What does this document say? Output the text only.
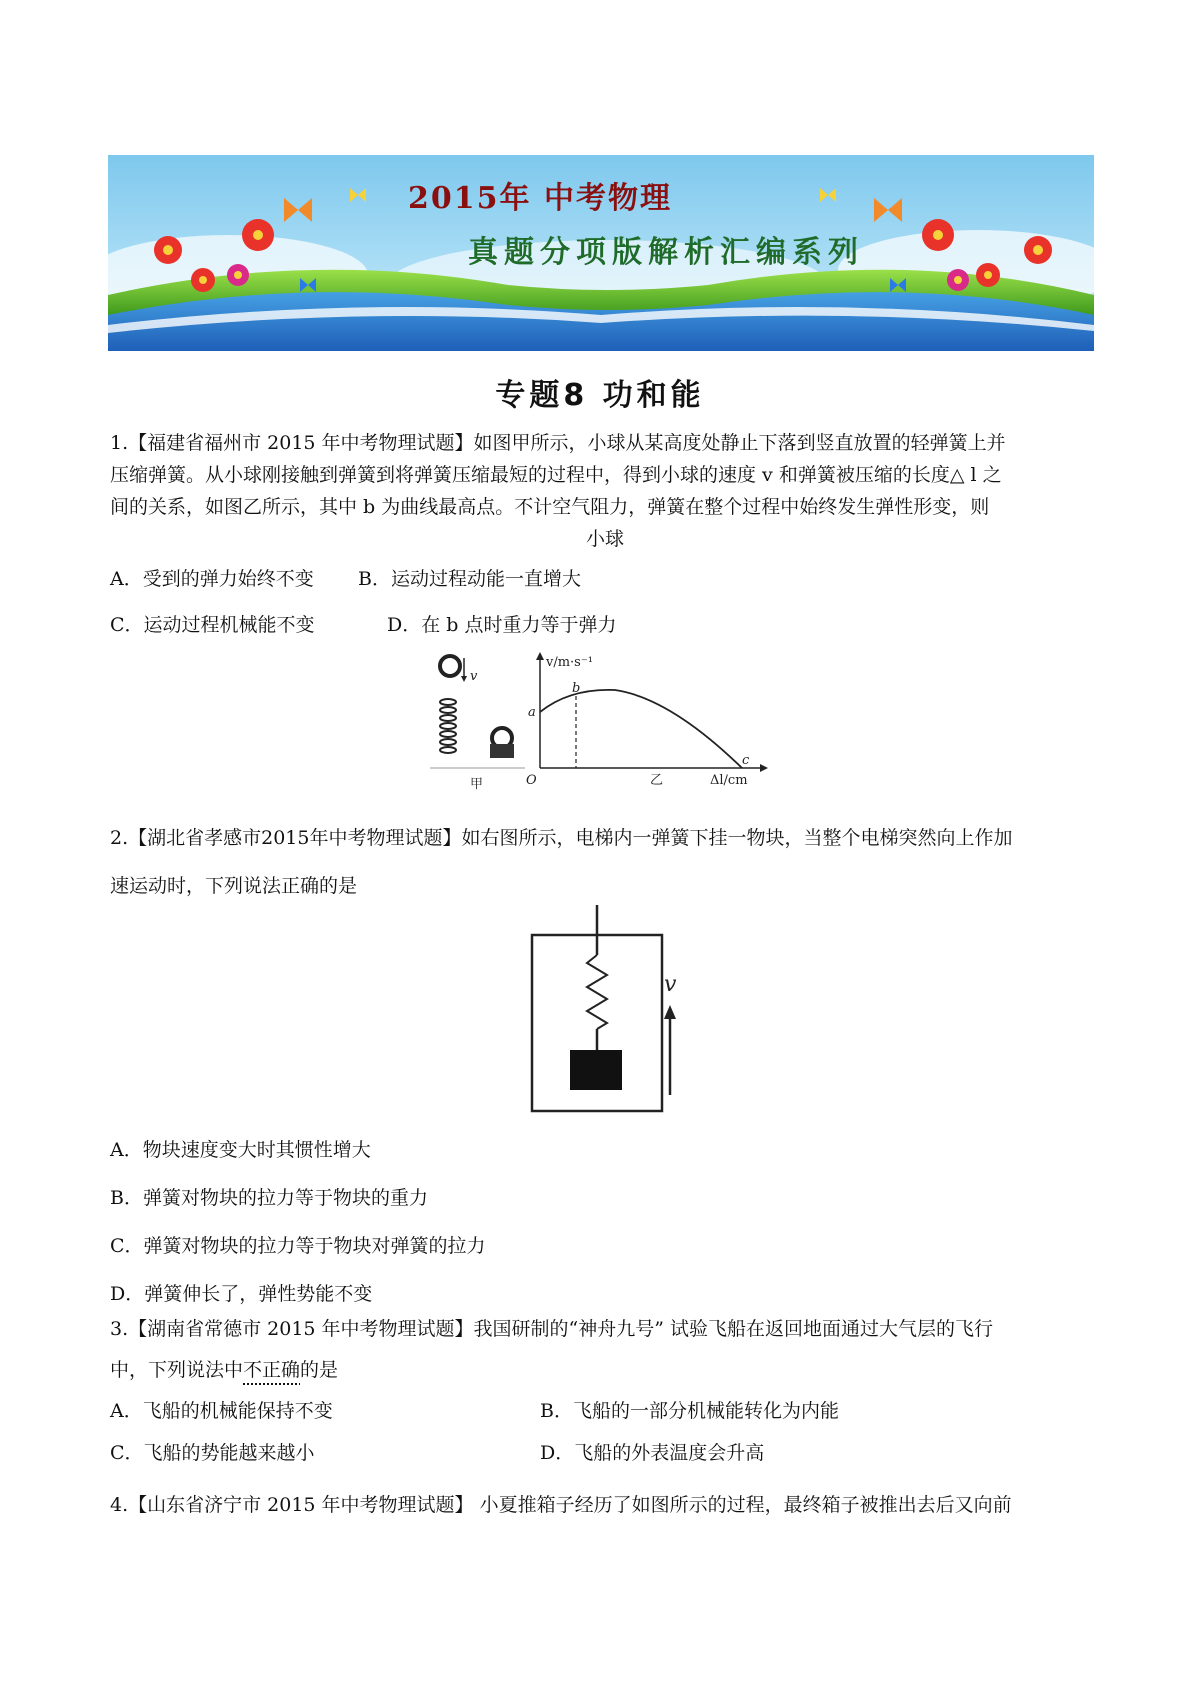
2015年 中考物理
真题分项版解析汇编系列
专题8 功和能
1.【福建省福州市 2015 年中考物理试题】如图甲所示，小球从某高度处静止下落到竖直放置的轻弹簧上并
压缩弹簧。从小球刚接触到弹簧到将弹簧压缩最短的过程中，得到小球的速度 v 和弹簧被压缩的长度△ l 之
间的关系，如图乙所示，其中 b 为曲线最高点。不计空气阻力，弹簧在整个过程中始终发生弹性形变，则
小球
A．受到的弹力始终不变 B．运动过程动能一直增大
C．运动过程机械能不变	D．在 b 点时重力等于弹力
v
甲
v/m·s⁻¹
Δl/cm
O
a
b
c
乙
2.【湖北省孝感市2015年中考物理试题】如右图所示，电梯内一弹簧下挂一物块，当整个电梯突然向上作加
速运动时，下列说法正确的是
v
A．物块速度变大时其惯性增大
B．弹簧对物块的拉力等于物块的重力
C．弹簧对物块的拉力等于物块对弹簧的拉力
D．弹簧伸长了，弹性势能不变
3.【湖南省常德市 2015 年中考物理试题】我国研制的“神舟九号” 试验飞船在返回地面通过大气层的飞行
中，下列说法中不正确的是
A．飞船的机械能保持不变	B．飞船的一部分机械能转化为内能
C．飞船的势能越来越小	D．飞船的外表温度会升高
4.【山东省济宁市 2015 年中考物理试题】 小夏推箱子经历了如图所示的过程，最终箱子被推出去后又向前
